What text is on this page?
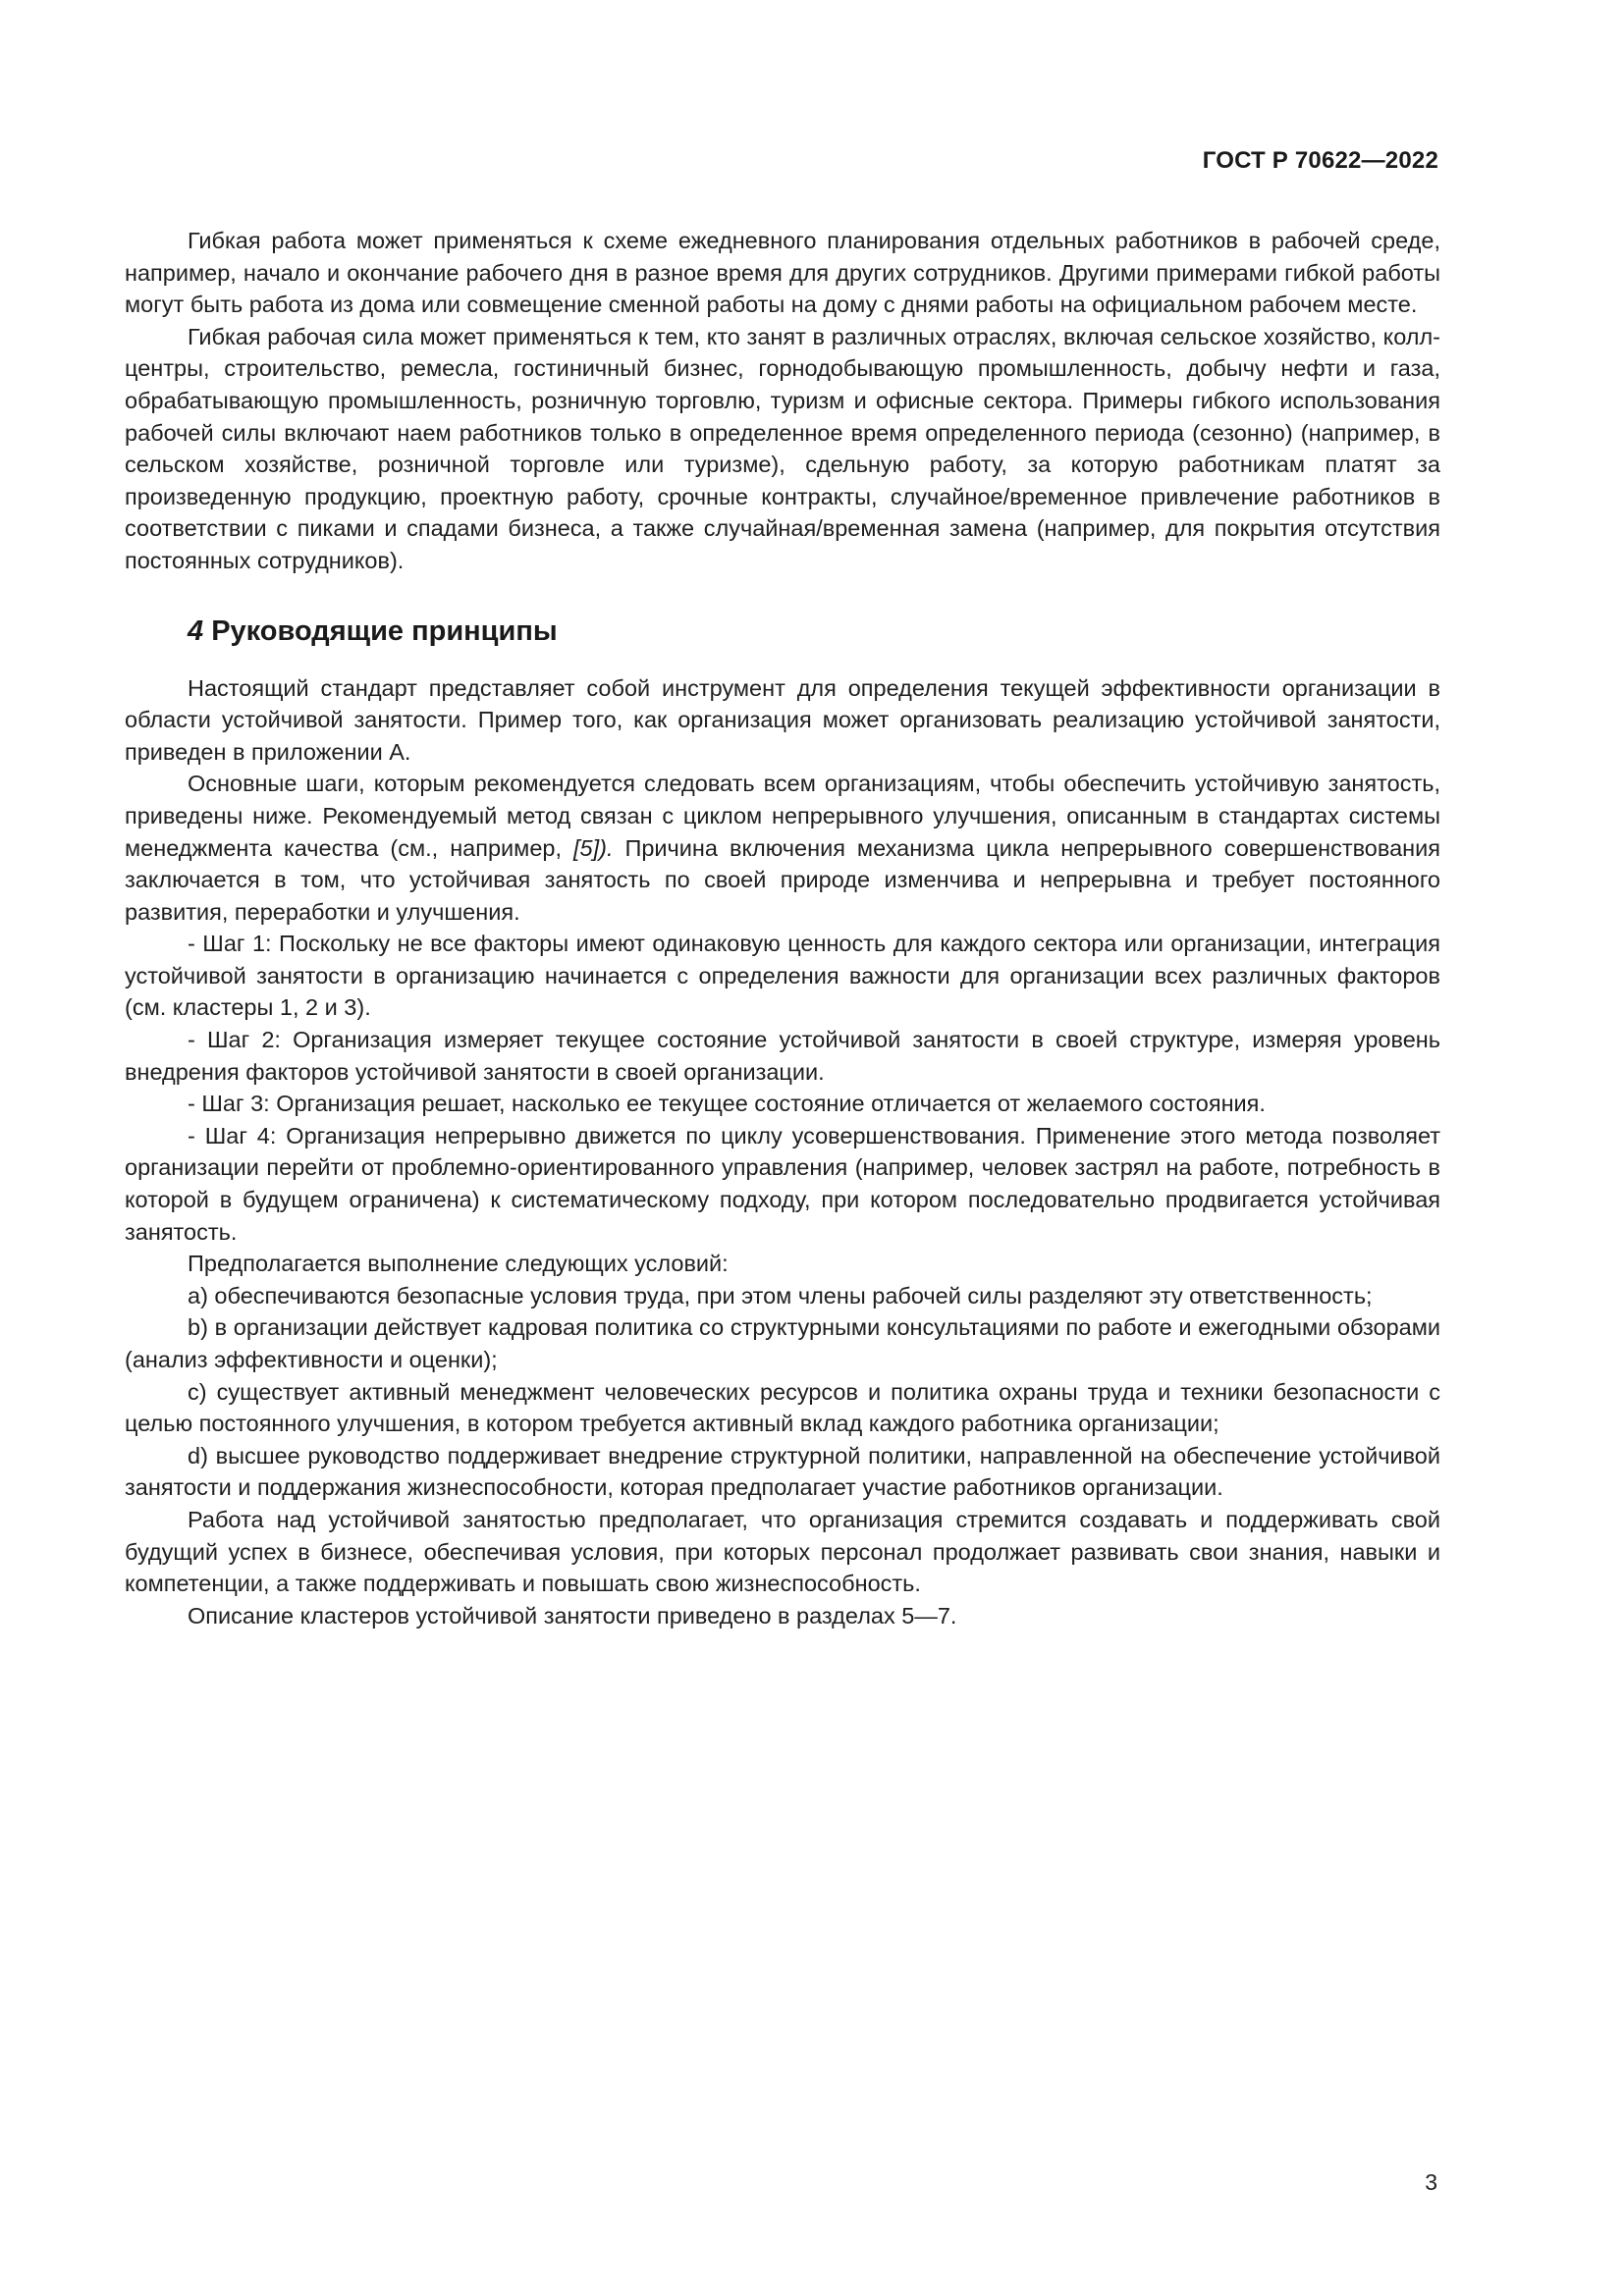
ГОСТ Р 70622—2022

Гибкая работа может применяться к схеме ежедневного планирования отдельных работников в рабочей среде, например, начало и окончание рабочего дня в разное время для других сотрудников. Другими примерами гибкой работы могут быть работа из дома или совмещение сменной работы на дому с днями работы на официальном рабочем месте.

Гибкая рабочая сила может применяться к тем, кто занят в различных отраслях, включая сельское хозяйство, колл-центры, строительство, ремесла, гостиничный бизнес, горнодобывающую промышленность, добычу нефти и газа, обрабатывающую промышленность, розничную торговлю, туризм и офисные сектора. Примеры гибкого использования рабочей силы включают наем работников только в определенное время определенного периода (сезонно) (например, в сельском хозяйстве, розничной торговле или туризме), сдельную работу, за которую работникам платят за произведенную продукцию, проектную работу, срочные контракты, случайное/временное привлечение работников в соответствии с пиками и спадами бизнеса, а также случайная/временная замена (например, для покрытия отсутствия постоянных сотрудников).

4 Руководящие принципы

Настоящий стандарт представляет собой инструмент для определения текущей эффективности организации в области устойчивой занятости. Пример того, как организация может организовать реализацию устойчивой занятости, приведен в приложении А.

Основные шаги, которым рекомендуется следовать всем организациям, чтобы обеспечить устойчивую занятость, приведены ниже. Рекомендуемый метод связан с циклом непрерывного улучшения, описанным в стандартах системы менеджмента качества (см., например, [5]). Причина включения механизма цикла непрерывного совершенствования заключается в том, что устойчивая занятость по своей природе изменчива и непрерывна и требует постоянного развития, переработки и улучшения.

- Шаг 1: Поскольку не все факторы имеют одинаковую ценность для каждого сектора или организации, интеграция устойчивой занятости в организацию начинается с определения важности для организации всех различных факторов (см. кластеры 1, 2 и 3).

- Шаг 2: Организация измеряет текущее состояние устойчивой занятости в своей структуре, измеряя уровень внедрения факторов устойчивой занятости в своей организации.

- Шаг 3: Организация решает, насколько ее текущее состояние отличается от желаемого состояния.

- Шаг 4: Организация непрерывно движется по циклу усовершенствования. Применение этого метода позволяет организации перейти от проблемно-ориентированного управления (например, человек застрял на работе, потребность в которой в будущем ограничена) к систематическому подходу, при котором последовательно продвигается устойчивая занятость.

Предполагается выполнение следующих условий:

a) обеспечиваются безопасные условия труда, при этом члены рабочей силы разделяют эту ответственность;

b) в организации действует кадровая политика со структурными консультациями по работе и ежегодными обзорами (анализ эффективности и оценки);

c) существует активный менеджмент человеческих ресурсов и политика охраны труда и техники безопасности с целью постоянного улучшения, в котором требуется активный вклад каждого работника организации;

d) высшее руководство поддерживает внедрение структурной политики, направленной на обеспечение устойчивой занятости и поддержания жизнеспособности, которая предполагает участие работников организации.

Работа над устойчивой занятостью предполагает, что организация стремится создавать и поддерживать свой будущий успех в бизнесе, обеспечивая условия, при которых персонал продолжает развивать свои знания, навыки и компетенции, а также поддерживать и повышать свою жизнеспособность.

Описание кластеров устойчивой занятости приведено в разделах 5—7.

3
